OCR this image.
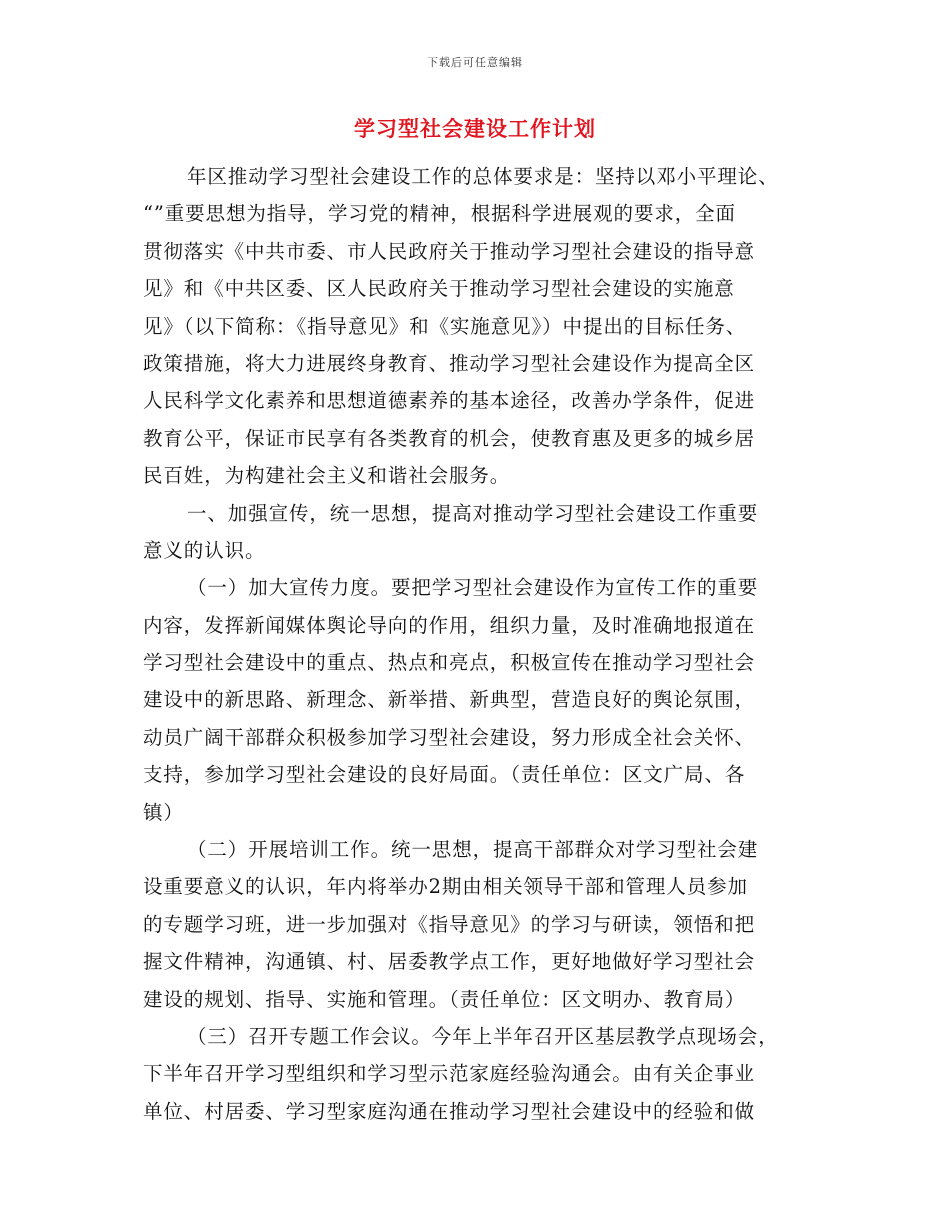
下载后可任意编辑
学习型社会建设工作计划
年区推动学习型社会建设工作的总体要求是：坚持以邓小平理论、
“”重要思想为指导，学习党的精神，根据科学进展观的要求，全面
贯彻落实《中共市委、市人民政府关于推动学习型社会建设的指导意
见》和《中共区委、区人民政府关于推动学习型社会建设的实施意
见》（以下简称：《指导意见》和《实施意见》）中提出的目标任务、
政策措施，将大力进展终身教育、推动学习型社会建设作为提高全区
人民科学文化素养和思想道德素养的基本途径，改善办学条件，促进
教育公平，保证市民享有各类教育的机会，使教育惠及更多的城乡居
民百姓，为构建社会主义和谐社会服务。
一、加强宣传，统一思想，提高对推动学习型社会建设工作重要
意义的认识。
（一）加大宣传力度。要把学习型社会建设作为宣传工作的重要
内容，发挥新闻媒体舆论导向的作用，组织力量，及时准确地报道在
学习型社会建设中的重点、热点和亮点，积极宣传在推动学习型社会
建设中的新思路、新理念、新举措、新典型，营造良好的舆论氛围，
动员广阔干部群众积极参加学习型社会建设，努力形成全社会关怀、
支持，参加学习型社会建设的良好局面。（责任单位：区文广局、各
镇）
（二）开展培训工作。统一思想，提高干部群众对学习型社会建
设重要意义的认识，年内将举办2期由相关领导干部和管理人员参加
的专题学习班，进一步加强对《指导意见》的学习与研读，领悟和把
握文件精神，沟通镇、村、居委教学点工作，更好地做好学习型社会
建设的规划、指导、实施和管理。（责任单位：区文明办、教育局）
（三）召开专题工作会议。今年上半年召开区基层教学点现场会，
下半年召开学习型组织和学习型示范家庭经验沟通会。由有关企事业
单位、村居委、学习型家庭沟通在推动学习型社会建设中的经验和做
